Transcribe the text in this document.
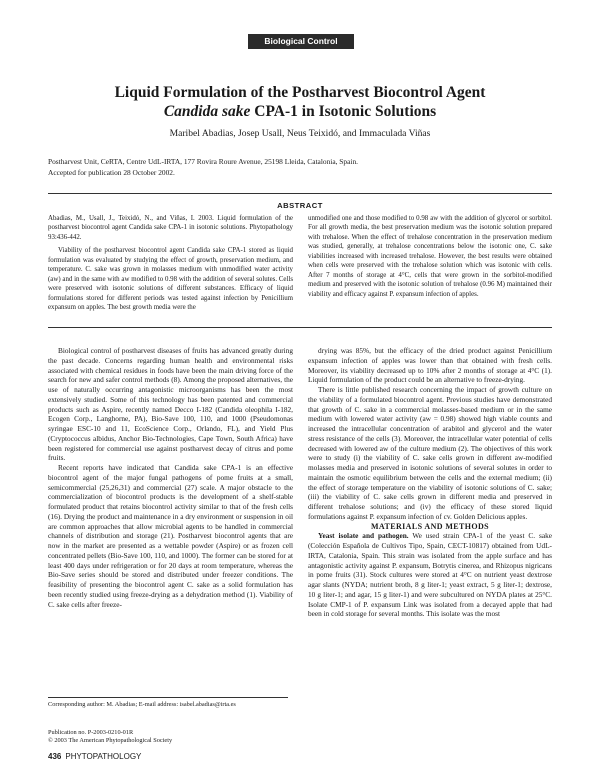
Biological Control
Liquid Formulation of the Postharvest Biocontrol Agent
Candida sake CPA-1 in Isotonic Solutions
Maribel Abadias, Josep Usall, Neus Teixidó, and Immaculada Viñas
Postharvest Unit, CeRTA, Centre UdL-IRTA, 177 Rovira Roure Avenue, 25198 Lleida, Catalonia, Spain.
Accepted for publication 28 October 2002.
ABSTRACT

Abadias, M., Usall, J., Teixidó, N., and Viñas, I. 2003. Liquid formulation of the postharvest biocontrol agent Candida sake CPA-1 in isotonic solutions. Phytopathology 93:436-442.

Viability of the postharvest biocontrol agent Candida sake CPA-1 stored as liquid formulation was evaluated by studying the effect of growth, preservation medium, and temperature. C. sake was grown in molasses medium with unmodified water activity (aw) and in the same with aw modified to 0.98 with the addition of several solutes. Cells were preserved with isotonic solutions of different substances. Efficacy of liquid formulations stored for different periods was tested against infection by Penicillium expansum on apples. The best growth media were the

unmodified one and those modified to 0.98 aw with the addition of glycerol or sorbitol. For all growth media, the best preservation medium was the isotonic solution prepared with trehalose. When the effect of trehalose concentration in the preservation medium was studied, generally, at trehalose concentrations below the isotonic one, C. sake viabilities increased with increased trehalose. However, the best results were obtained when cells were preserved with the trehalose solution which was isotonic with cells. After 7 months of storage at 4°C, cells that were grown in the sorbitol-modified medium and preserved with the isotonic solution of trehalose (0.96 M) maintained their viability and efficacy against P. expansum infection of apples.

Biological control of postharvest diseases of fruits has advanced greatly during the past decade. Concerns regarding human health and environmental risks associated with chemical residues in foods have been the main driving force of the search for new and safer control methods (8). Among the proposed alternatives, the use of naturally occurring antagonistic microorganisms has been the most extensively studied. Some of this technology has been patented and commercial products such as Aspire, recently named Decco I-182 (Candida oleophila I-182, Ecogen Corp., Langhorne, PA), Bio-Save 100, 110, and 1000 (Pseudomonas syringae ESC-10 and 11, EcoScience Corp., Orlando, FL), and Yield Plus (Cryptococcus albidus, Anchor Bio-Technologies, Cape Town, South Africa) have been registered for commercial use against postharvest decay of citrus and pome fruits.

Recent reports have indicated that Candida sake CPA-1 is an effective biocontrol agent of the major fungal pathogens of pome fruits at a small, semicommercial (25,26,31) and commercial (27) scale. A major obstacle to the commercialization of biocontrol products is the development of a shelf-stable formulated product that retains biocontrol activity similar to that of the fresh cells (16). Drying the product and maintenance in a dry environment or suspension in oil are common approaches that allow microbial agents to be handled in commercial channels of distribution and storage (21). Postharvest biocontrol agents that are now in the market are presented as a wettable powder (Aspire) or as frozen cell concentrated pellets (Bio-Save 100, 110, and 1000). The former can be stored for at least 400 days under refrigeration or for 20 days at room temperature, whereas the Bio-Save series should be stored and distributed under freezer conditions. The feasibility of presenting the biocontrol agent C. sake as a solid formulation has been recently studied using freeze-drying as a dehydration method (1). Viability of C. sake cells after freeze-

drying was 85%, but the efficacy of the dried product against Penicillium expansum infection of apples was lower than that obtained with fresh cells. Moreover, its viability decreased up to 10% after 2 months of storage at 4°C (1). Liquid formulation of the product could be an alternative to freeze-drying.

There is little published research concerning the impact of growth culture on the viability of a formulated biocontrol agent. Previous studies have demonstrated that growth of C. sake in a commercial molasses-based medium or in the same medium with lowered water activity (aw = 0.98) showed high viable counts and increased the intracellular concentration of arabitol and glycerol and the water stress resistance of the cells (3). Moreover, the intracellular water potential of cells decreased with lowered aw of the culture medium (2). The objectives of this work were to study (i) the viability of C. sake cells grown in different aw-modified molasses media and preserved in isotonic solutions of several solutes in order to maintain the osmotic equilibrium between the cells and the external medium; (ii) the effect of storage temperature on the viability of isotonic solutions of C. sake; (iii) the viability of C. sake cells grown in different media and preserved in different trehalose solutions; and (iv) the efficacy of these stored liquid formulations against P. expansum infection of cv. Golden Delicious apples.

MATERIALS AND METHODS

Yeast isolate and pathogen. We used strain CPA-1 of the yeast C. sake (Colección Española de Cultivos Tipo, Spain, CECT-10817) obtained from UdL-IRTA, Catalonia, Spain. This strain was isolated from the apple surface and has antagonistic activity against P. expansum, Botrytis cinerea, and Rhizopus nigricans in pome fruits (31). Stock cultures were stored at 4°C on nutrient yeast dextrose agar slants (NYDA; nutrient broth, 8 g liter-1; yeast extract, 5 g liter-1; dextrose, 10 g liter-1; and agar, 15 g liter-1) and were subcultured on NYDA plates at 25°C. Isolate CMP-1 of P. expansum Link was isolated from a decayed apple that had been in cold storage for several months. This isolate was the most

Corresponding author: M. Abadias; E-mail address: isabel.abadias@irta.es
Publication no. P-2003-0210-01R
© 2003 The American Phytopathological Society
436 PHYTOPATHOLOGY
